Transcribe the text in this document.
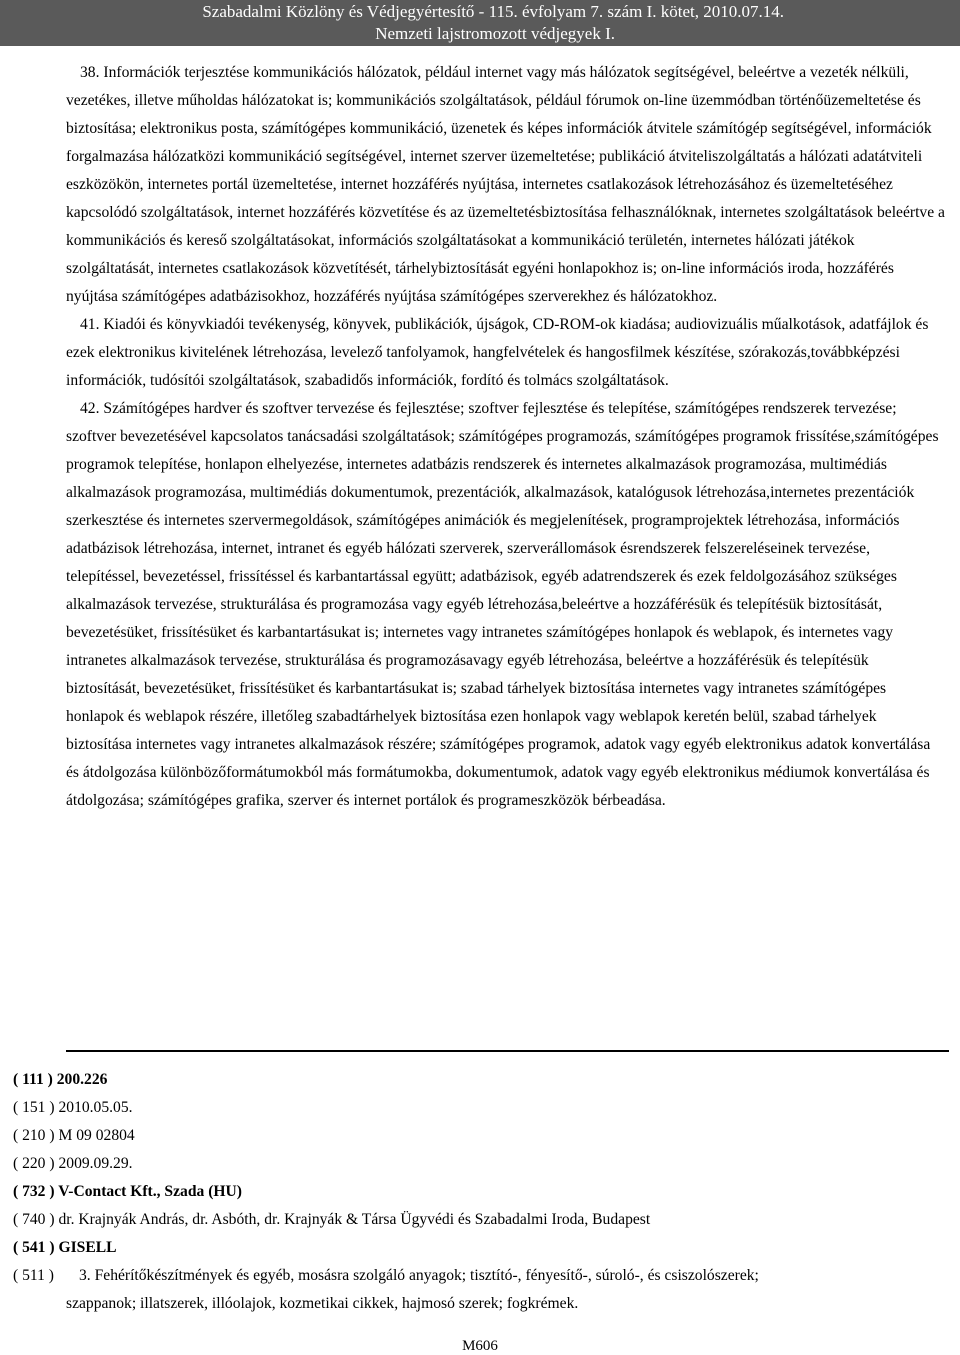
Szabadalmi Közlöny és Védjegyértesítő - 115. évfolyam 7. szám I. kötet, 2010.07.14.
Nemzeti lajstromozott védjegyek I.

38. Információk terjesztése kommunikációs hálózatok, például internet vagy más hálózatok segítségével, beleértve a vezeték nélküli, vezetékes, illetve műholdas hálózatokat is; kommunikációs szolgáltatások, például fórumok on-line üzemmódban történőüzemeltetése és biztosítása; elektronikus posta, számítógépes kommunikáció, üzenetek és képes információk átvitele számítógép segítségével, információk forgalmazása hálózatközi kommunikáció segítségével, internet szerver üzemeltetése; publikáció átviteliszolgáltatás a hálózati adatátviteli eszközökön, internetes portál üzemeltetése, internet hozzáférés nyújtása, internetes csatlakozások létrehozásához és üzemeltetéséhez kapcsolódó szolgáltatások, internet hozzáférés közvetítése és az üzemeltetésbiztosítása felhasználóknak, internetes szolgáltatások beleértve a kommunikációs és kereső szolgáltatásokat, információs szolgáltatásokat a kommunikáció területén, internetes hálózati játékok szolgáltatását, internetes csatlakozások közvetítését, tárhelybiztosítását egyéni honlapokhoz is; on-line információs iroda, hozzáférés nyújtása számítógépes adatbázisokhoz, hozzáférés nyújtása számítógépes szerverekhez és hálózatokhoz.

41. Kiadói és könyvkiadói tevékenység, könyvek, publikációk, újságok, CD-ROM-ok kiadása; audiovizuális műalkotások, adatfájlok és ezek elektronikus kivitelének létrehozása, levelező tanfolyamok, hangfelvételek és hangosfilmek készítése, szórakozás,továbbképzési információk, tudósítói szolgáltatások, szabadidős információk, fordító és tolmács szolgáltatások.

42. Számítógépes hardver és szoftver tervezése és fejlesztése; szoftver fejlesztése és telepítése, számítógépes rendszerek tervezése; szoftver bevezetésével kapcsolatos tanácsadási szolgáltatások; számítógépes programozás, számítógépes programok frissítése,számítógépes programok telepítése, honlapon elhelyezése, internetes adatbázis rendszerek és internetes alkalmazások programozása, multimédiás alkalmazások programozása, multimédiás dokumentumok, prezentációk, alkalmazások, katalógusok létrehozása,internetes prezentációk szerkesztése és internetes szervermegoldások, számítógépes animációk és megjelenítések, programprojektek létrehozása, információs adatbázisok létrehozása, internet, intranet és egyéb hálózati szerverek, szerverállomások ésrendszerek felszereléseinek tervezése, telepítéssel, bevezetéssel, frissítéssel és karbantartással együtt; adatbázisok, egyéb adatrendszerek és ezek feldolgozásához szükséges alkalmazások tervezése, strukturálása és programozása vagy egyéb létrehozása,beleértve a hozzáférésük és telepítésük biztosítását, bevezetésüket, frissítésüket és karbantartásukat is; internetes vagy intranetes számítógépes honlapok és weblapok, és internetes vagy intranetes alkalmazások tervezése, strukturálása és programozásavagy egyéb létrehozása, beleértve a hozzáférésük és telepítésük biztosítását, bevezetésüket, frissítésüket és karbantartásukat is; szabad tárhelyek biztosítása internetes vagy intranetes számítógépes honlapok és weblapok részére, illetőleg szabadtárhelyek biztosítása ezen honlapok vagy weblapok keretén belül, szabad tárhelyek biztosítása internetes vagy intranetes alkalmazások részére; számítógépes programok, adatok vagy egyéb elektronikus adatok konvertálása és átdolgozása különbözőformátumokból más formátumokba, dokumentumok, adatok vagy egyéb elektronikus médiumok konvertálása és átdolgozása; számítógépes grafika, szerver és internet portálok és programeszközök bérbeadása.

( 111 ) 200.226
( 151 ) 2010.05.05.
( 210 ) M 09 02804
( 220 ) 2009.09.29.
( 732 ) V-Contact Kft., Szada (HU)
( 740 ) dr. Krajnyák András, dr. Asbóth, dr. Krajnyák & Társa Ügyvédi és Szabadalmi Iroda, Budapest
( 541 ) GISELL
( 511 ) 3. Fehérítőkészítmények és egyéb, mosásra szolgáló anyagok; tisztító-, fényesítő-, súroló-, és csiszolószerek;
szappanok; illatszerek, illóolajok, kozmetikai cikkek, hajmosó szerek; fogkrémek.
M606
